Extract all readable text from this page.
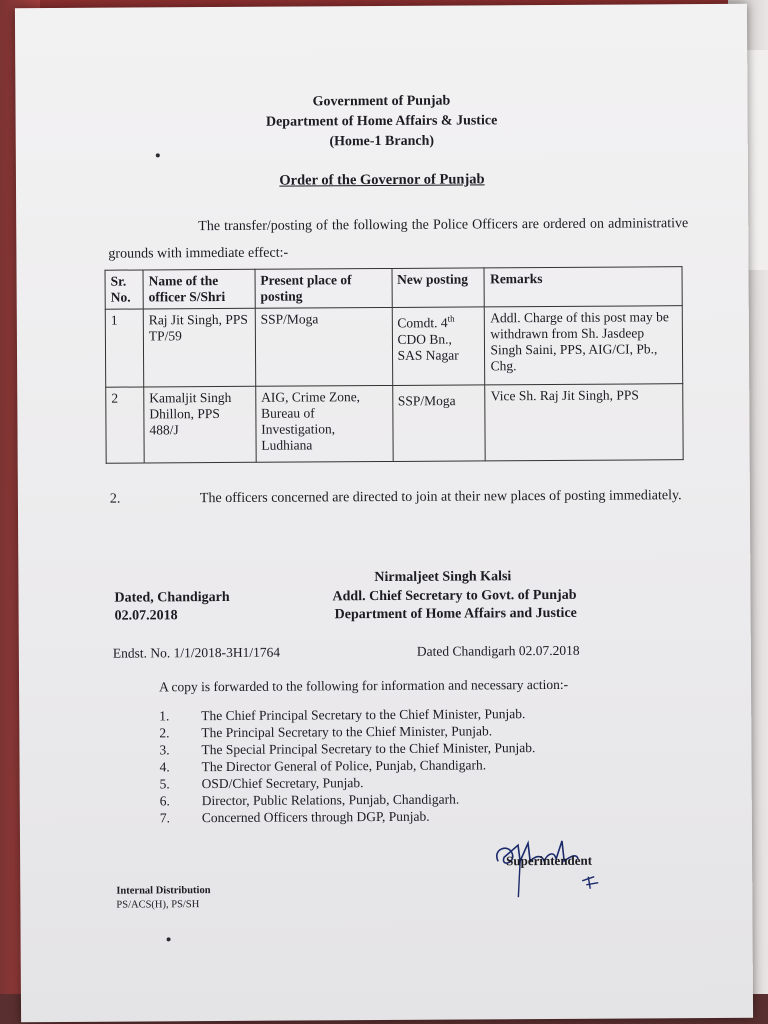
Government of Punjab
Department of Home Affairs & Justice
(Home-1 Branch)
Order of the Governor of Punjab
The transfer/posting of the following the Police Officers are ordered on administrative grounds with immediate effect:-
Sr. No.	Name of the officer S/Shri	Present place of posting	New posting	Remarks
1	Raj Jit Singh, PPS TP/59	SSP/Moga	Comdt. 4th CDO Bn., SAS Nagar	Addl. Charge of this post may be withdrawn from Sh. Jasdeep Singh Saini, PPS, AIG/CI, Pb., Chg.
2	Kamaljit Singh Dhillon, PPS 488/J	AIG, Crime Zone, Bureau of Investigation, Ludhiana	SSP/Moga	Vice Sh. Raj Jit Singh, PPS
2.	The officers concerned are directed to join at their new places of posting immediately.
Nirmaljeet Singh Kalsi
Dated, Chandigarh	Addl. Chief Secretary to Govt. of Punjab
02.07.2018	Department of Home Affairs and Justice
Endst. No. 1/1/2018-3H1/1764	Dated Chandigarh 02.07.2018
A copy is forwarded to the following for information and necessary action:-
1. The Chief Principal Secretary to the Chief Minister, Punjab.
2. The Principal Secretary to the Chief Minister, Punjab.
3. The Special Principal Secretary to the Chief Minister, Punjab.
4. The Director General of Police, Punjab, Chandigarh.
5. OSD/Chief Secretary, Punjab.
6. Director, Public Relations, Punjab, Chandigarh.
7. Concerned Officers through DGP, Punjab.
Superintendent
Internal Distribution
PS/ACS(H), PS/SH
